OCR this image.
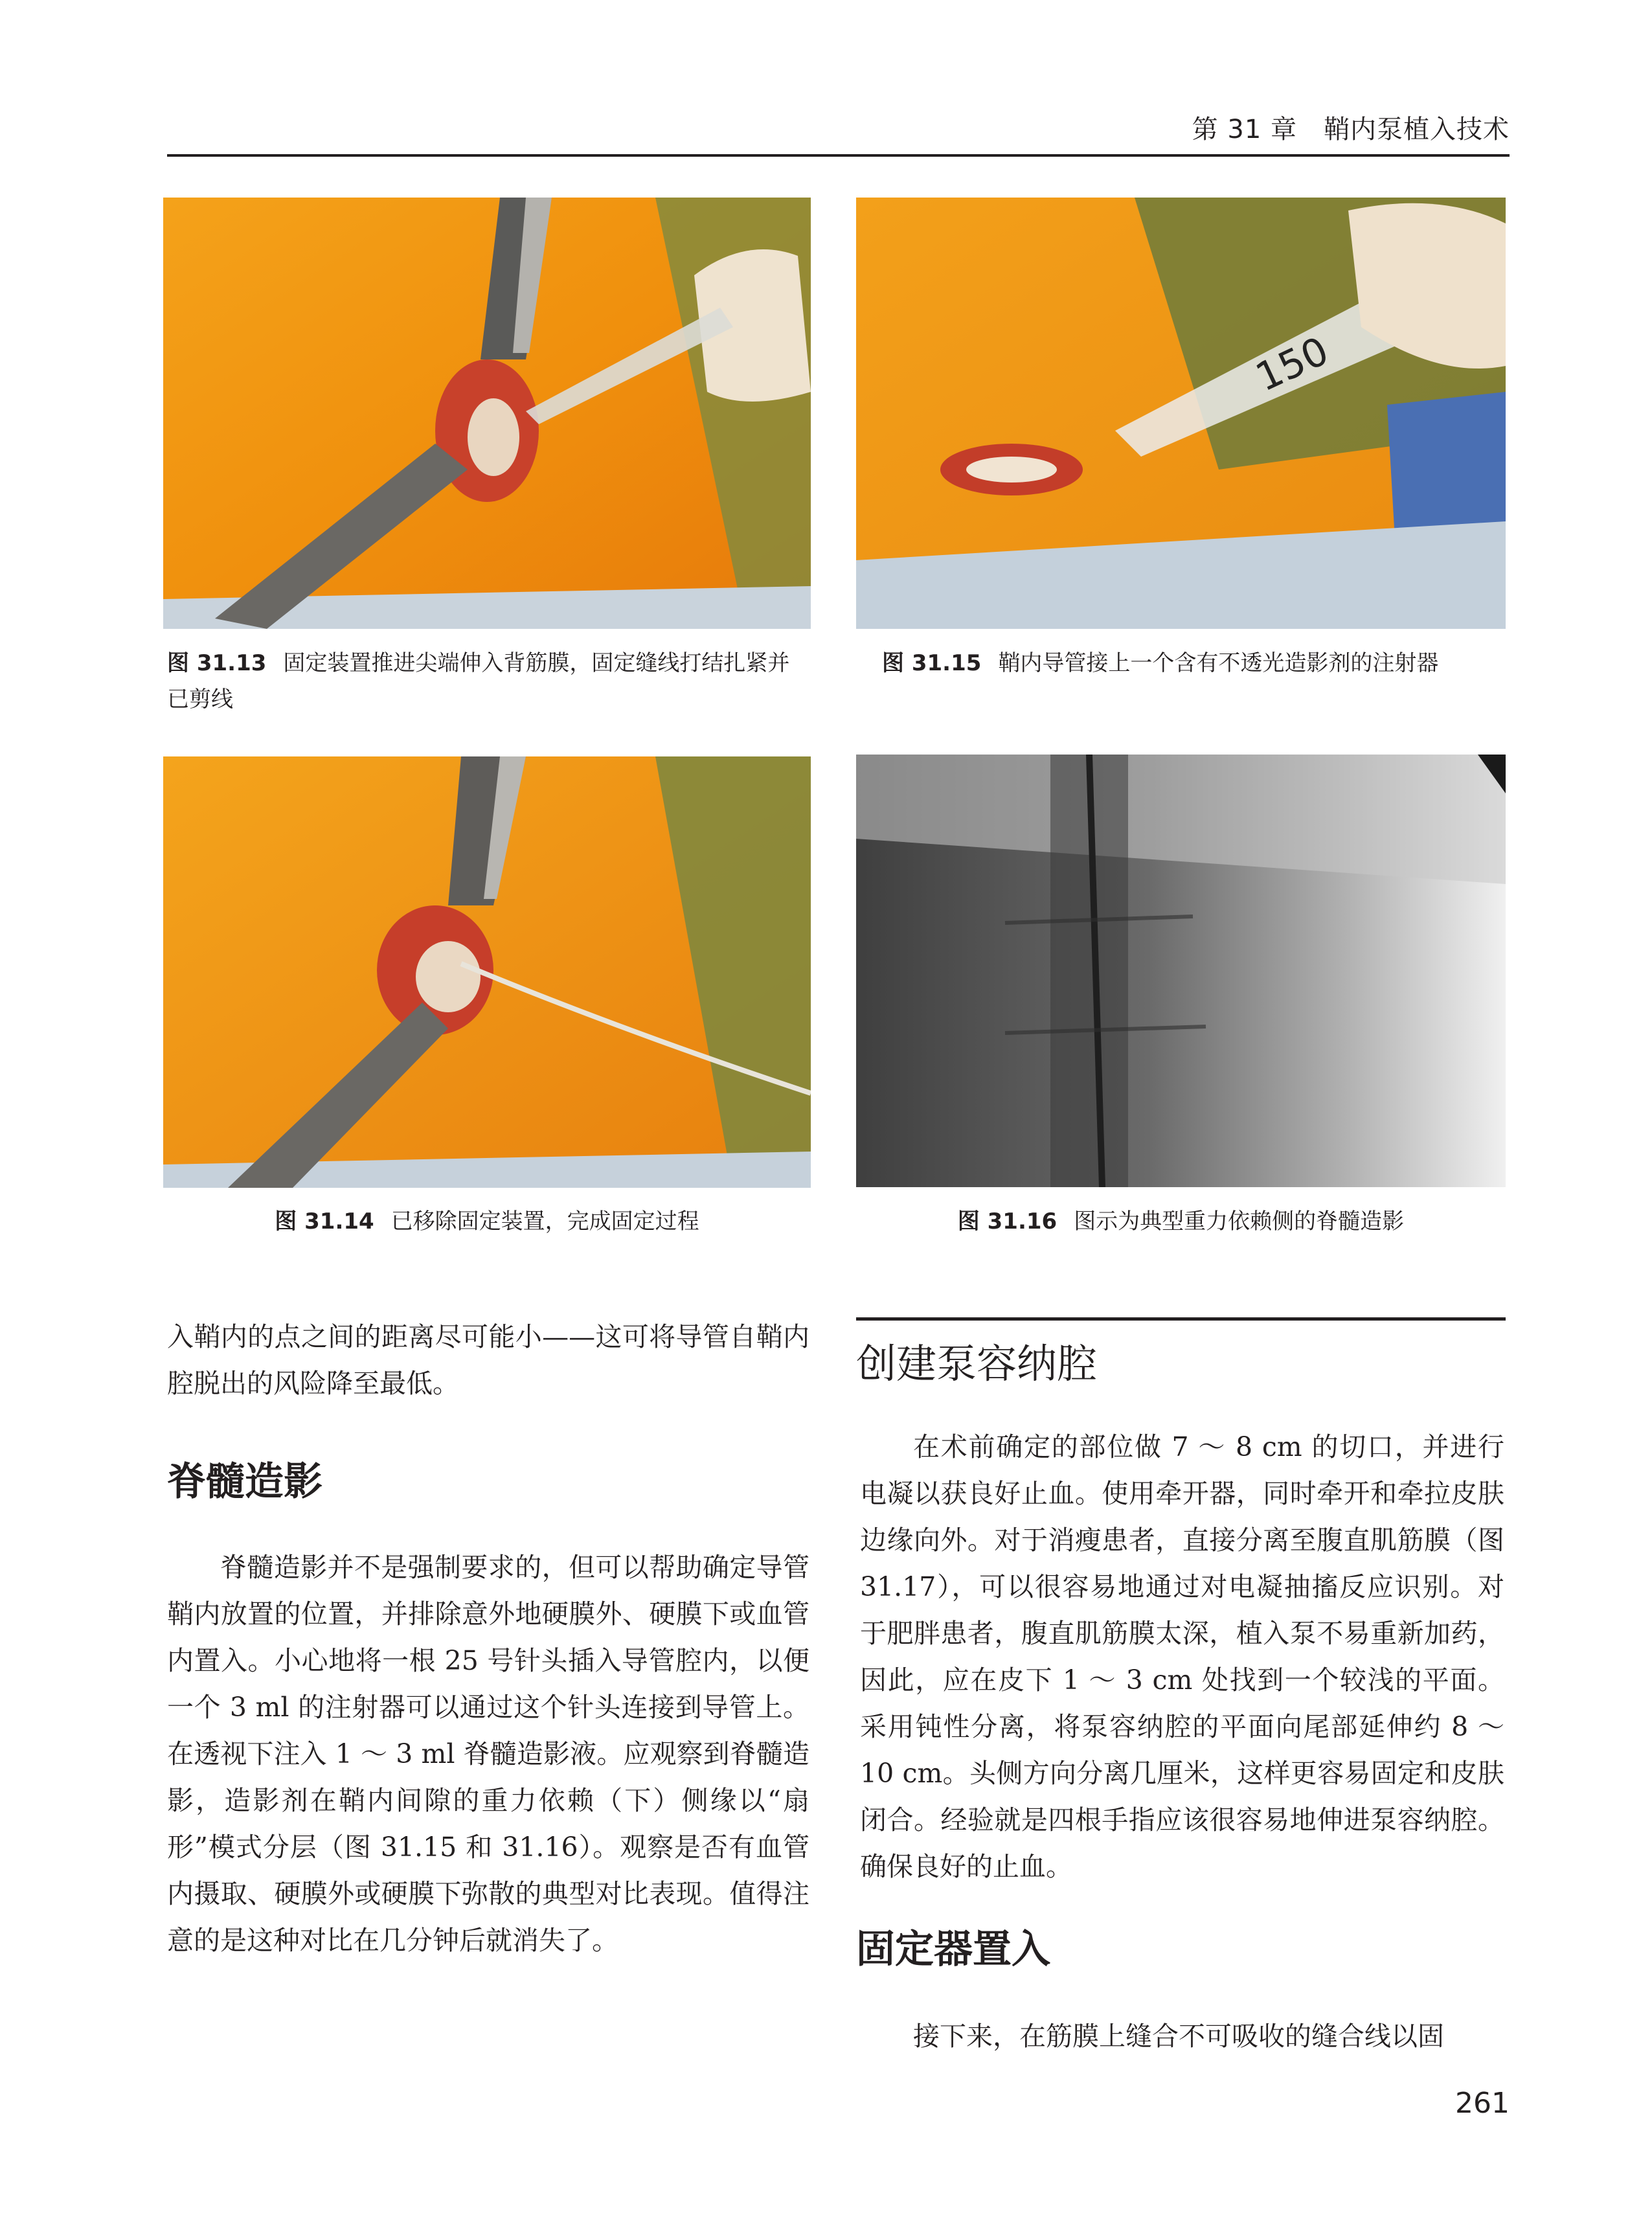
第 31 章　鞘内泵植入技术
图 31.13 固定装置推进尖端伸入背筋膜，固定缝线打结扎紧并已剪线
150
图 31.15 鞘内导管接上一个含有不透光造影剂的注射器
图 31.14 已移除固定装置，完成固定过程	图 31.16 图示为典型重力依赖侧的脊髓造影
入鞘内的点之间的距离尽可能小——这可将导管自鞘内腔脱出的风险降至最低。
脊髓造影
脊髓造影并不是强制要求的，但可以帮助确定导管鞘内放置的位置，并排除意外地硬膜外、硬膜下或血管内置入。小心地将一根 25 号针头插入导管腔内，以便一个 3 ml 的注射器可以通过这个针头连接到导管上。在透视下注入 1 ～ 3 ml 脊髓造影液。应观察到脊髓造影，造影剂在鞘内间隙的重力依赖（下）侧缘以“扇形”模式分层（图 31.15 和 31.16）。观察是否有血管内摄取、硬膜外或硬膜下弥散的典型对比表现。值得注意的是这种对比在几分钟后就消失了。
创建泵容纳腔
在术前确定的部位做 7 ～ 8 cm 的切口，并进行电凝以获良好止血。使用牵开器，同时牵开和牵拉皮肤边缘向外。对于消瘦患者，直接分离至腹直肌筋膜（图 31.17），可以很容易地通过对电凝抽搐反应识别。对于肥胖患者，腹直肌筋膜太深，植入泵不易重新加药，因此，应在皮下 1 ～ 3 cm 处找到一个较浅的平面。采用钝性分离，将泵容纳腔的平面向尾部延伸约 8 ～ 10 cm。头侧方向分离几厘米，这样更容易固定和皮肤闭合。经验就是四根手指应该很容易地伸进泵容纳腔。确保良好的止血。
固定器置入
接下来，在筋膜上缝合不可吸收的缝合线以固
261
